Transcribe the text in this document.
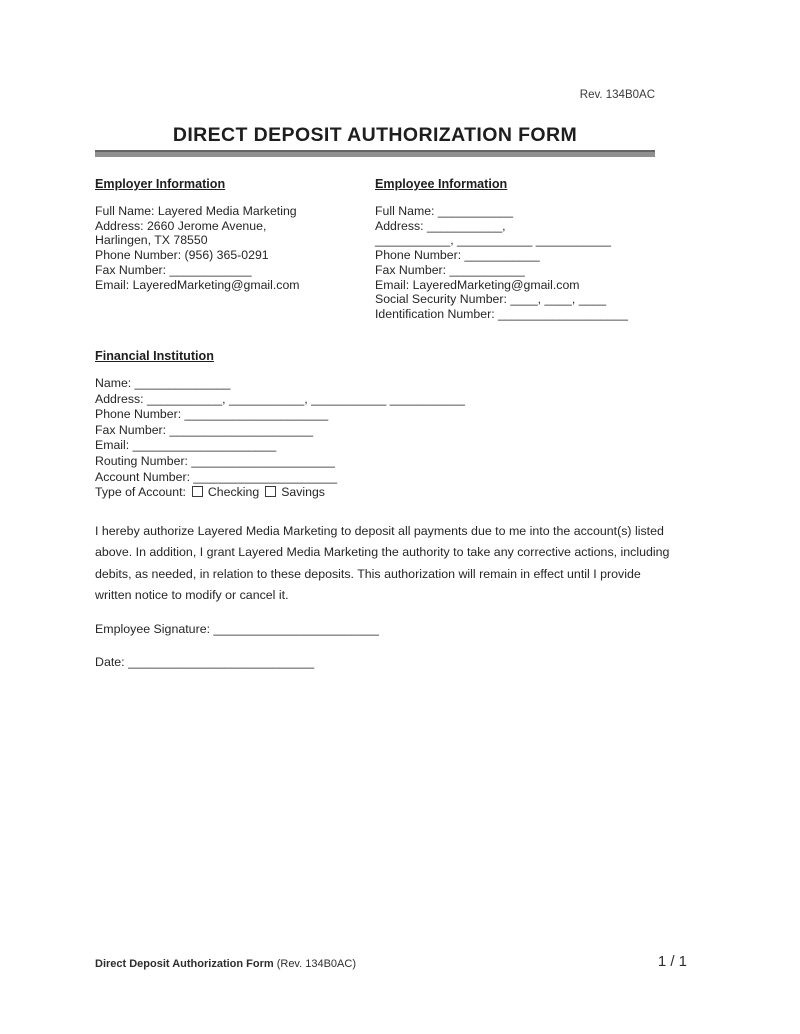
Rev. 134B0AC
DIRECT DEPOSIT AUTHORIZATION FORM
Employer Information
Full Name: Layered Media Marketing
Address: 2660 Jerome Avenue,
Harlingen, TX 78550
Phone Number: (956) 365-0291
Fax Number: ____________
Email: LayeredMarketing@gmail.com
Employee Information
Full Name: ___________
Address: ___________,
___________, ___________ ___________
Phone Number: ___________
Fax Number: ___________
Email: LayeredMarketing@gmail.com
Social Security Number: ____, ____, ____
Identification Number: ___________________
Financial Institution
Name: ______________
Address: ___________, ___________, ___________ ___________
Phone Number: _____________________
Fax Number: _____________________
Email: _____________________
Routing Number: _____________________
Account Number: _____________________
Type of Account: Checking Savings
I hereby authorize Layered Media Marketing to deposit all payments due to me into the account(s) listed
above. In addition, I grant Layered Media Marketing the authority to take any corrective actions, including
debits, as needed, in relation to these deposits. This authorization will remain in effect until I provide
written notice to modify or cancel it.
Employee Signature: ________________________
Date: ___________________________
Direct Deposit Authorization Form (Rev. 134B0AC)	1 / 1
